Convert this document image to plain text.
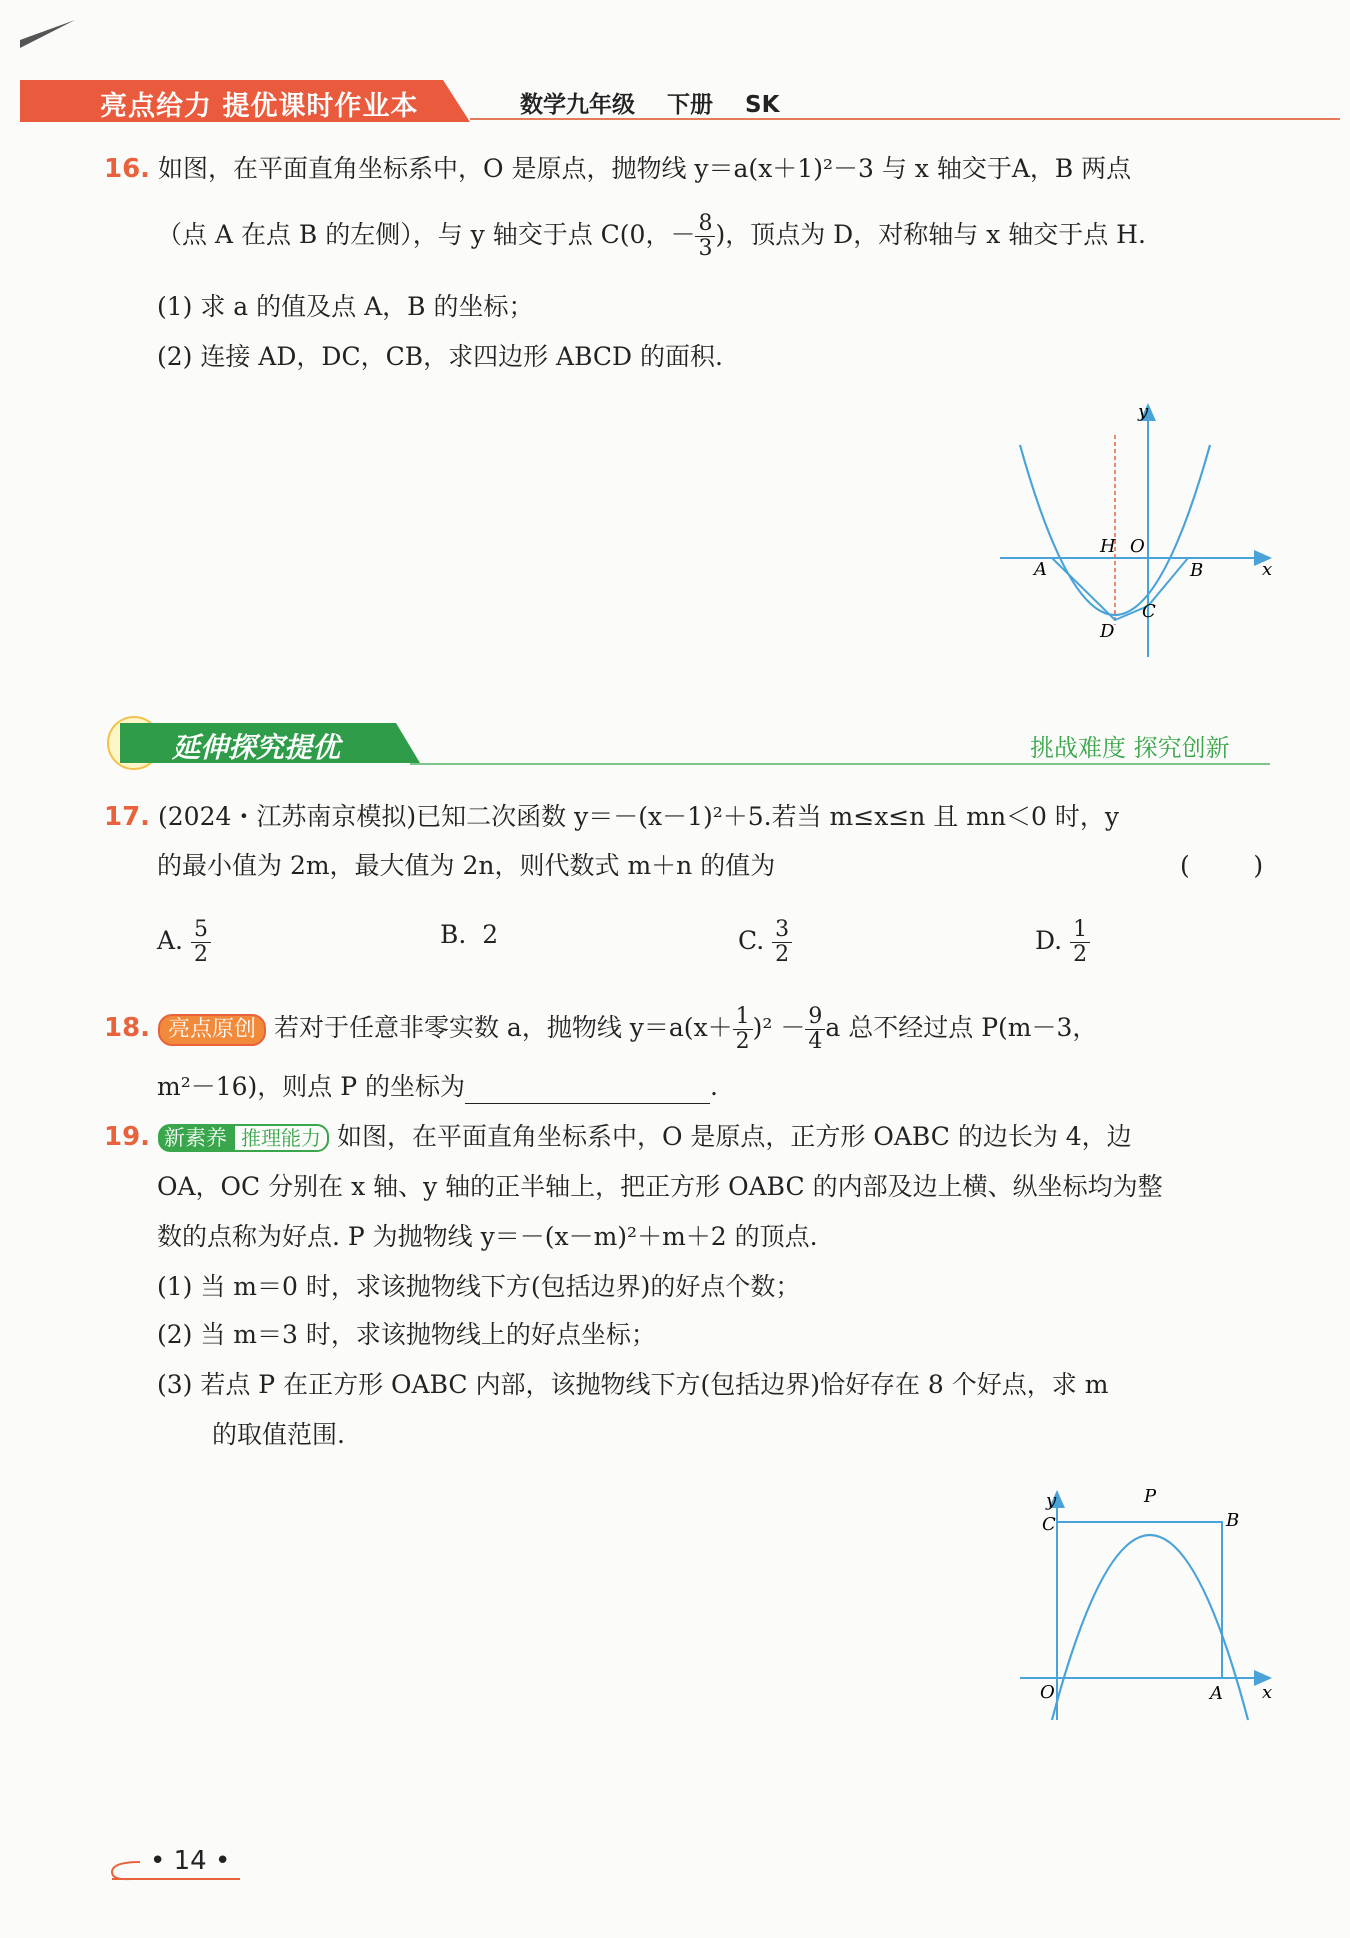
亮点给力 提优课时作业本	数学九年级    下册    SK
16. 如图，在平面直角坐标系中，O 是原点，抛物线 y＝a(x＋1)²－3 与 x 轴交于A，B 两点
（点 A 在点 B 的左侧），与 y 轴交于点 C(0，－ $\frac{8}{3}$ )，顶点为 D，对称轴与 x 轴交于点 H.
(1) 求 a 的值及点 A，B 的坐标；
(2) 连接 AD，DC，CB，求四边形 ABCD 的面积.
y
x
H O
A	B
C
D
延伸探究提优	挑战难度 探究创新
17. (2024・江苏南京模拟)已知二次函数 y＝－(x－1)²＋5.若当 m≤x≤n 且 mn＜0 时，y
的最小值为 2m，最大值为 2n，则代数式 m＋n 的值为	(        )
A. $\frac{5}{2}$	B.  2	C. $\frac{3}{2}$	D. $\frac{1}{2}$
18. 亮点原创 若对于任意非零实数 a，抛物线 $y=a(x+ \frac{1}{2} )^2 - \frac{9}{4}$ a 总不经过点 P(m－3，
m²－16)，则点 P 的坐标为	.
19. 新素养 推理能力 如图，在平面直角坐标系中，O 是原点，正方形 OABC 的边长为 4，边
OA，OC 分别在 x 轴、y 轴的正半轴上，把正方形 OABC 的内部及边上横、纵坐标均为整
数的点称为好点. P 为抛物线 y＝－(x－m)²＋m＋2 的顶点.
(1) 当 m＝0 时，求该抛物线下方(包括边界)的好点个数；
(2) 当 m＝3 时，求该抛物线上的好点坐标；
(3) 若点 P 在正方形 OABC 内部，该抛物线下方(包括边界)恰好存在 8 个好点，求 m
的取值范围.
y
x
P
C	B
O	A
• 14 •
